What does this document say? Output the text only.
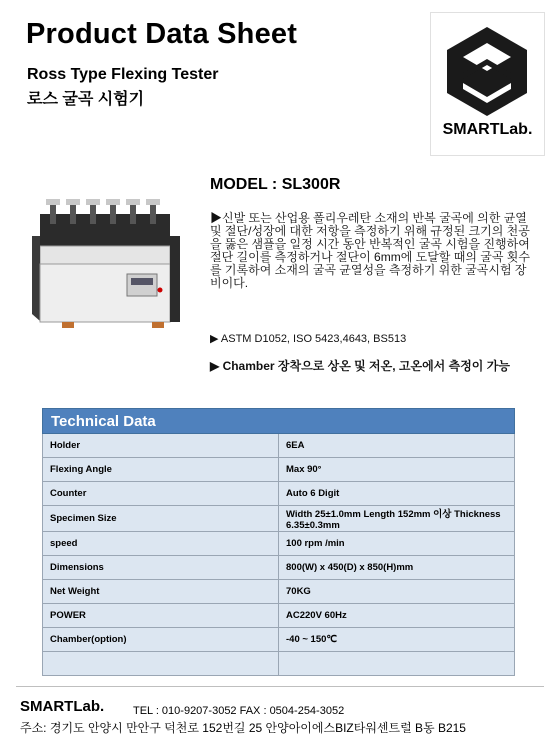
Product Data Sheet
Ross Type Flexing Tester
로스 굴곡 시험기
SMARTLab.
MODEL : SL300R
▶신발 또는 산업용 폴리우레탄 소재의 반복 굴곡에 의한 균열 및 절단/성장에 대한 저항을 측정하기 위해 규정된 크기의 천공을 뚫은 샘플을 일정 시간 동안 반복적인 굴곡 시험을 진행하여
절단 길이를 측정하거나 절단이 6mm에 도달할 때의 굴곡 횟수를 기록하여 소재의 굴곡 균열성을 측정하기 위한 굴곡시험 장비이다.
▶ ASTM D1052, ISO 5423,4643, BS513
▶ Chamber 장착으로 상온 및 저온, 고온에서 측정이 가능
Technical Data	
Holder	6EA
Flexing Angle	Max 90°
Counter	Auto 6 Digit
Specimen Size	Width 25±1.0mm Length 152mm 이상 Thickness 6.35±0.3mm
speed	100 rpm /min
Dimensions	800(W) x 450(D) x 850(H)mm
Net Weight	70KG
POWER	AC220V 60Hz
Chamber(option)	-40 ~ 150℃

SMARTLab.	TEL : 010-9207-3052 FAX : 0504-254-3052
주소: 경기도 안양시 만안구 덕천로 152번길 25 안양아이에스BIZ타워센트럴 B동 B215
